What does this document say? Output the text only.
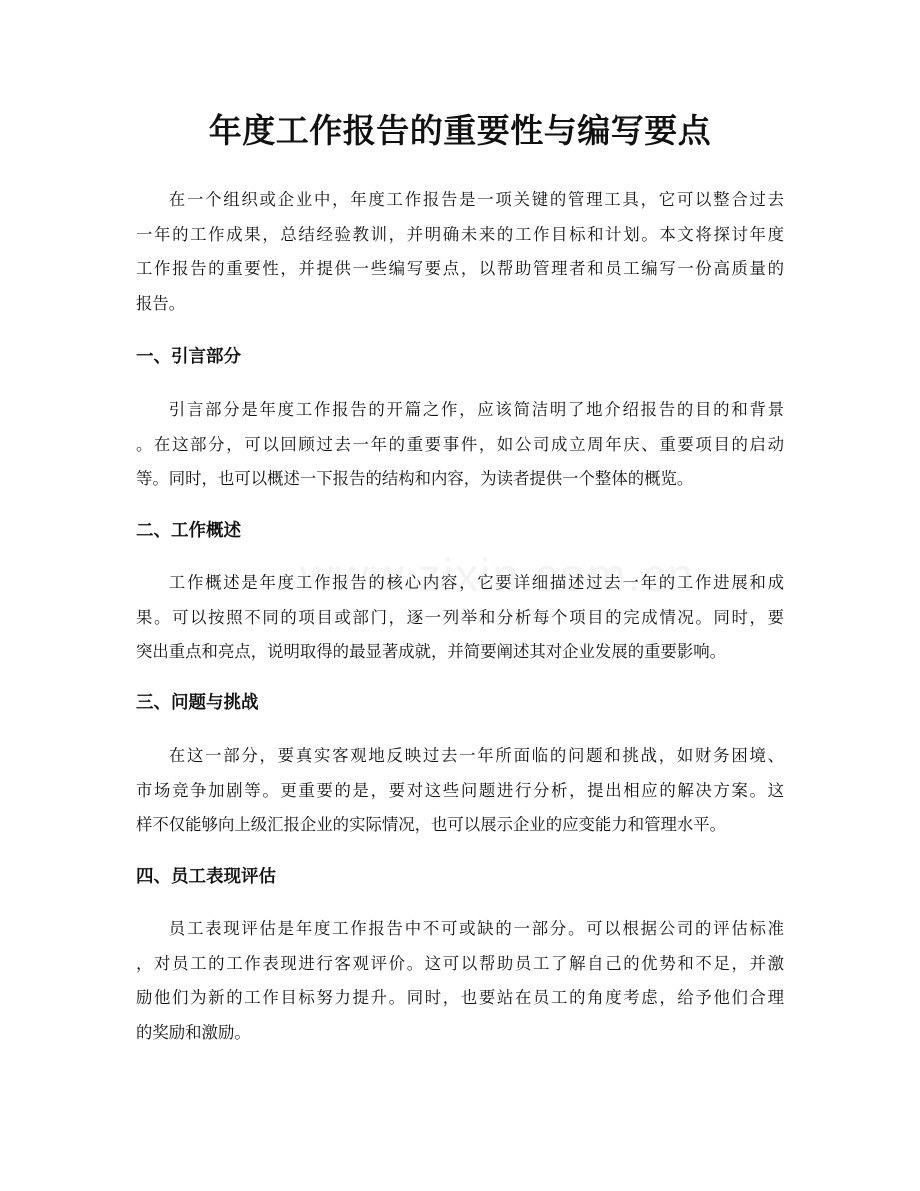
年度工作报告的重要性与编写要点

在一个组织或企业中，年度工作报告是一项关键的管理工具，它可以整合过去
一年的工作成果，总结经验教训，并明确未来的工作目标和计划。本文将探讨年度
工作报告的重要性，并提供一些编写要点，以帮助管理者和员工编写一份高质量的
报告。

一、引言部分

引言部分是年度工作报告的开篇之作，应该简洁明了地介绍报告的目的和背景
。在这部分，可以回顾过去一年的重要事件，如公司成立周年庆、重要项目的启动
等。同时，也可以概述一下报告的结构和内容，为读者提供一个整体的概览。

二、工作概述

工作概述是年度工作报告的核心内容，它要详细描述过去一年的工作进展和成
果。可以按照不同的项目或部门，逐一列举和分析每个项目的完成情况。同时，要
突出重点和亮点，说明取得的最显著成就，并简要阐述其对企业发展的重要影响。

三、问题与挑战

在这一部分，要真实客观地反映过去一年所面临的问题和挑战，如财务困境、
市场竞争加剧等。更重要的是，要对这些问题进行分析，提出相应的解决方案。这
样不仅能够向上级汇报企业的实际情况，也可以展示企业的应变能力和管理水平。

四、员工表现评估

员工表现评估是年度工作报告中不可或缺的一部分。可以根据公司的评估标准
，对员工的工作表现进行客观评价。这可以帮助员工了解自己的优势和不足，并激
励他们为新的工作目标努力提升。同时，也要站在员工的角度考虑，给予他们合理
的奖励和激励。
